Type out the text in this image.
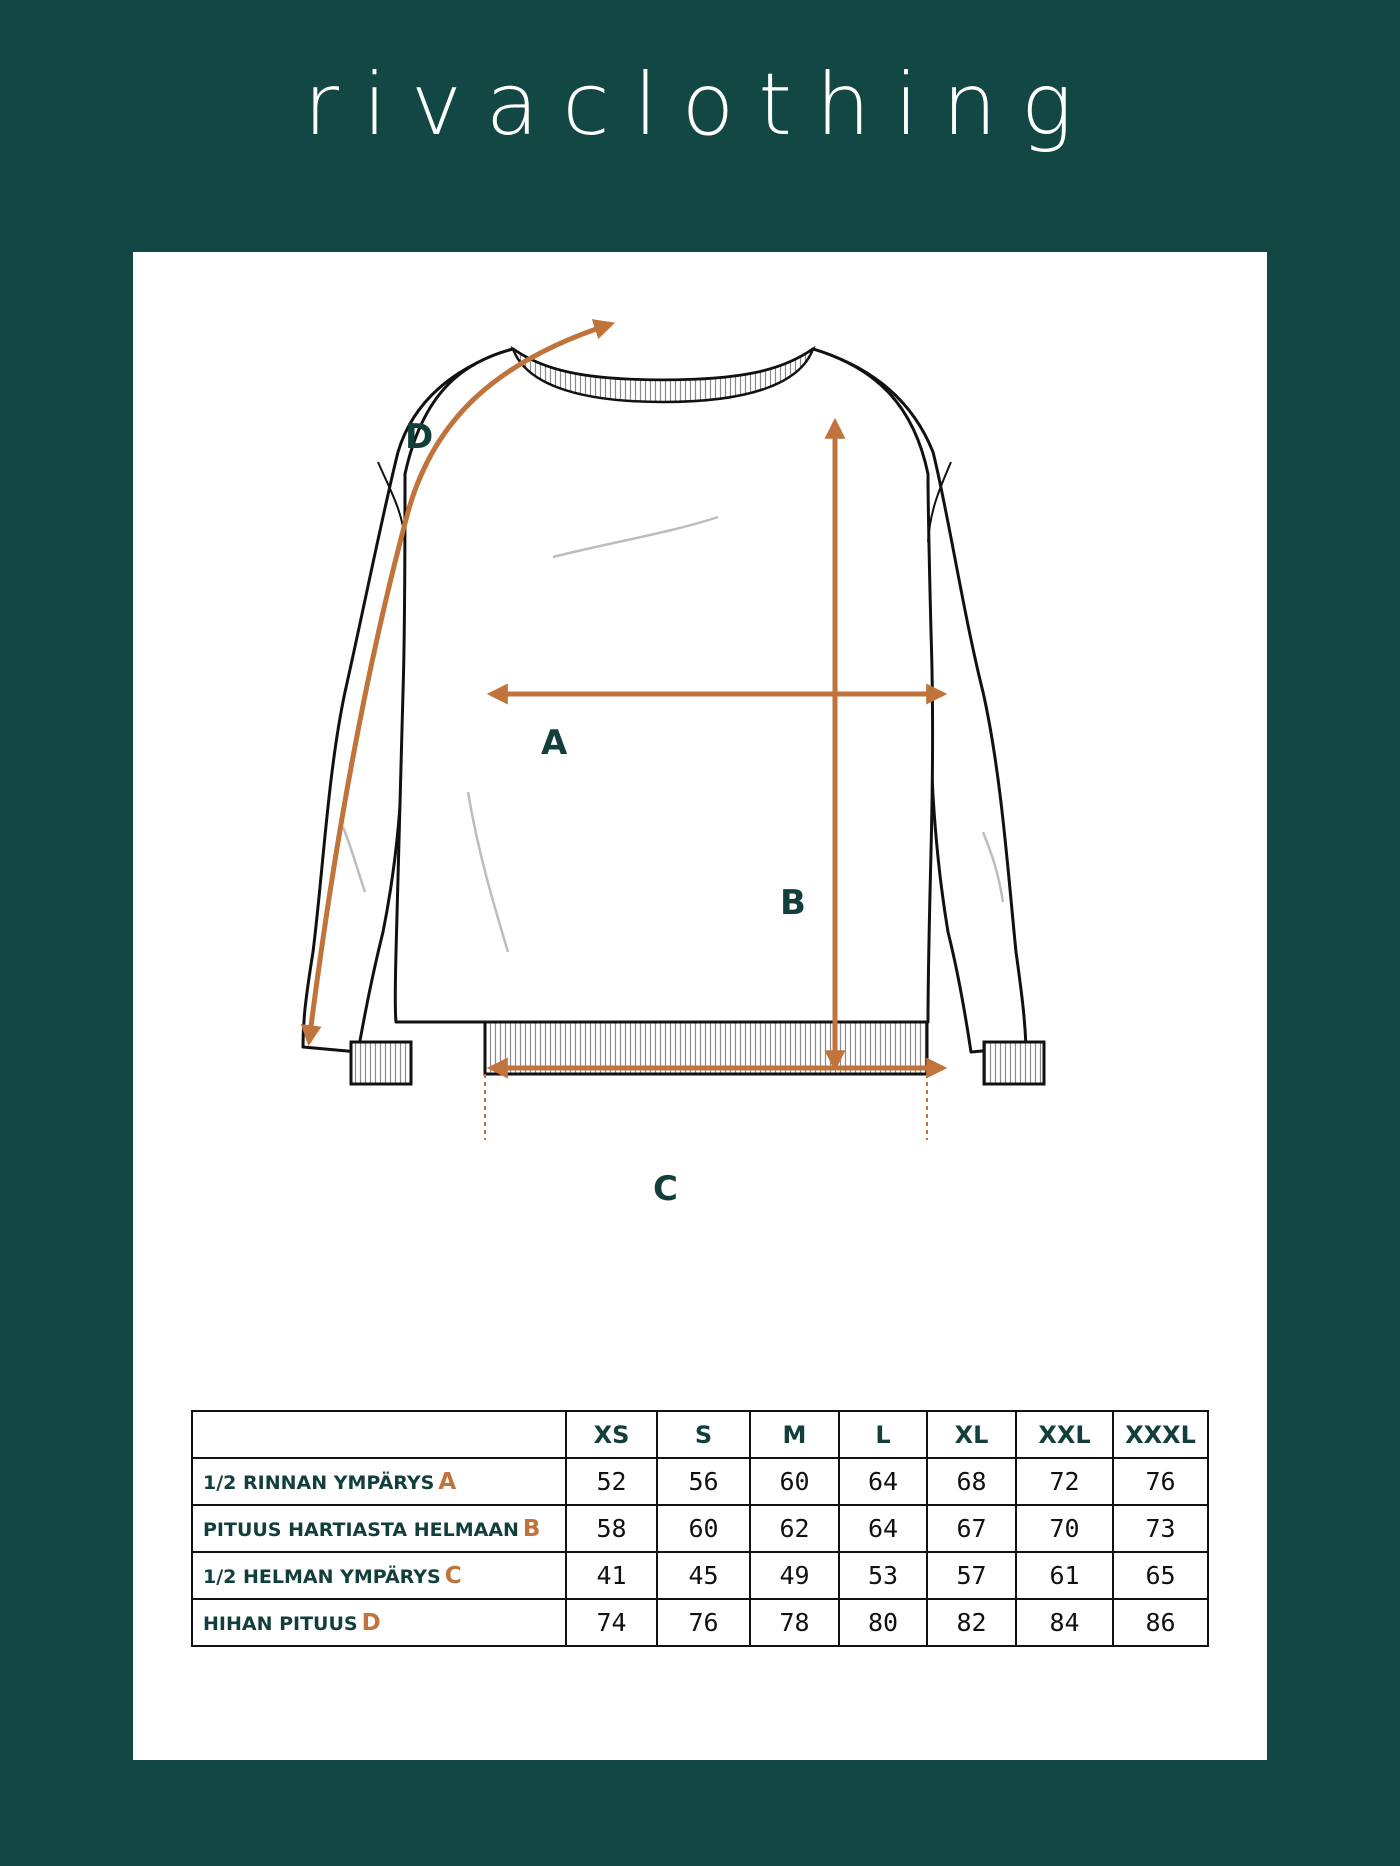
rivaclothing
D
A
B
C
	XS	S	M	L	XL	XXL	XXXL
1/2 RINNAN YMPÄRYS A	52	56	60	64	68	72	76
PITUUS HARTIASTA HELMAAN B	58	60	62	64	67	70	73
1/2 HELMAN YMPÄRYS C	41	45	49	53	57	61	65
HIHAN PITUUS D	74	76	78	80	82	84	86
